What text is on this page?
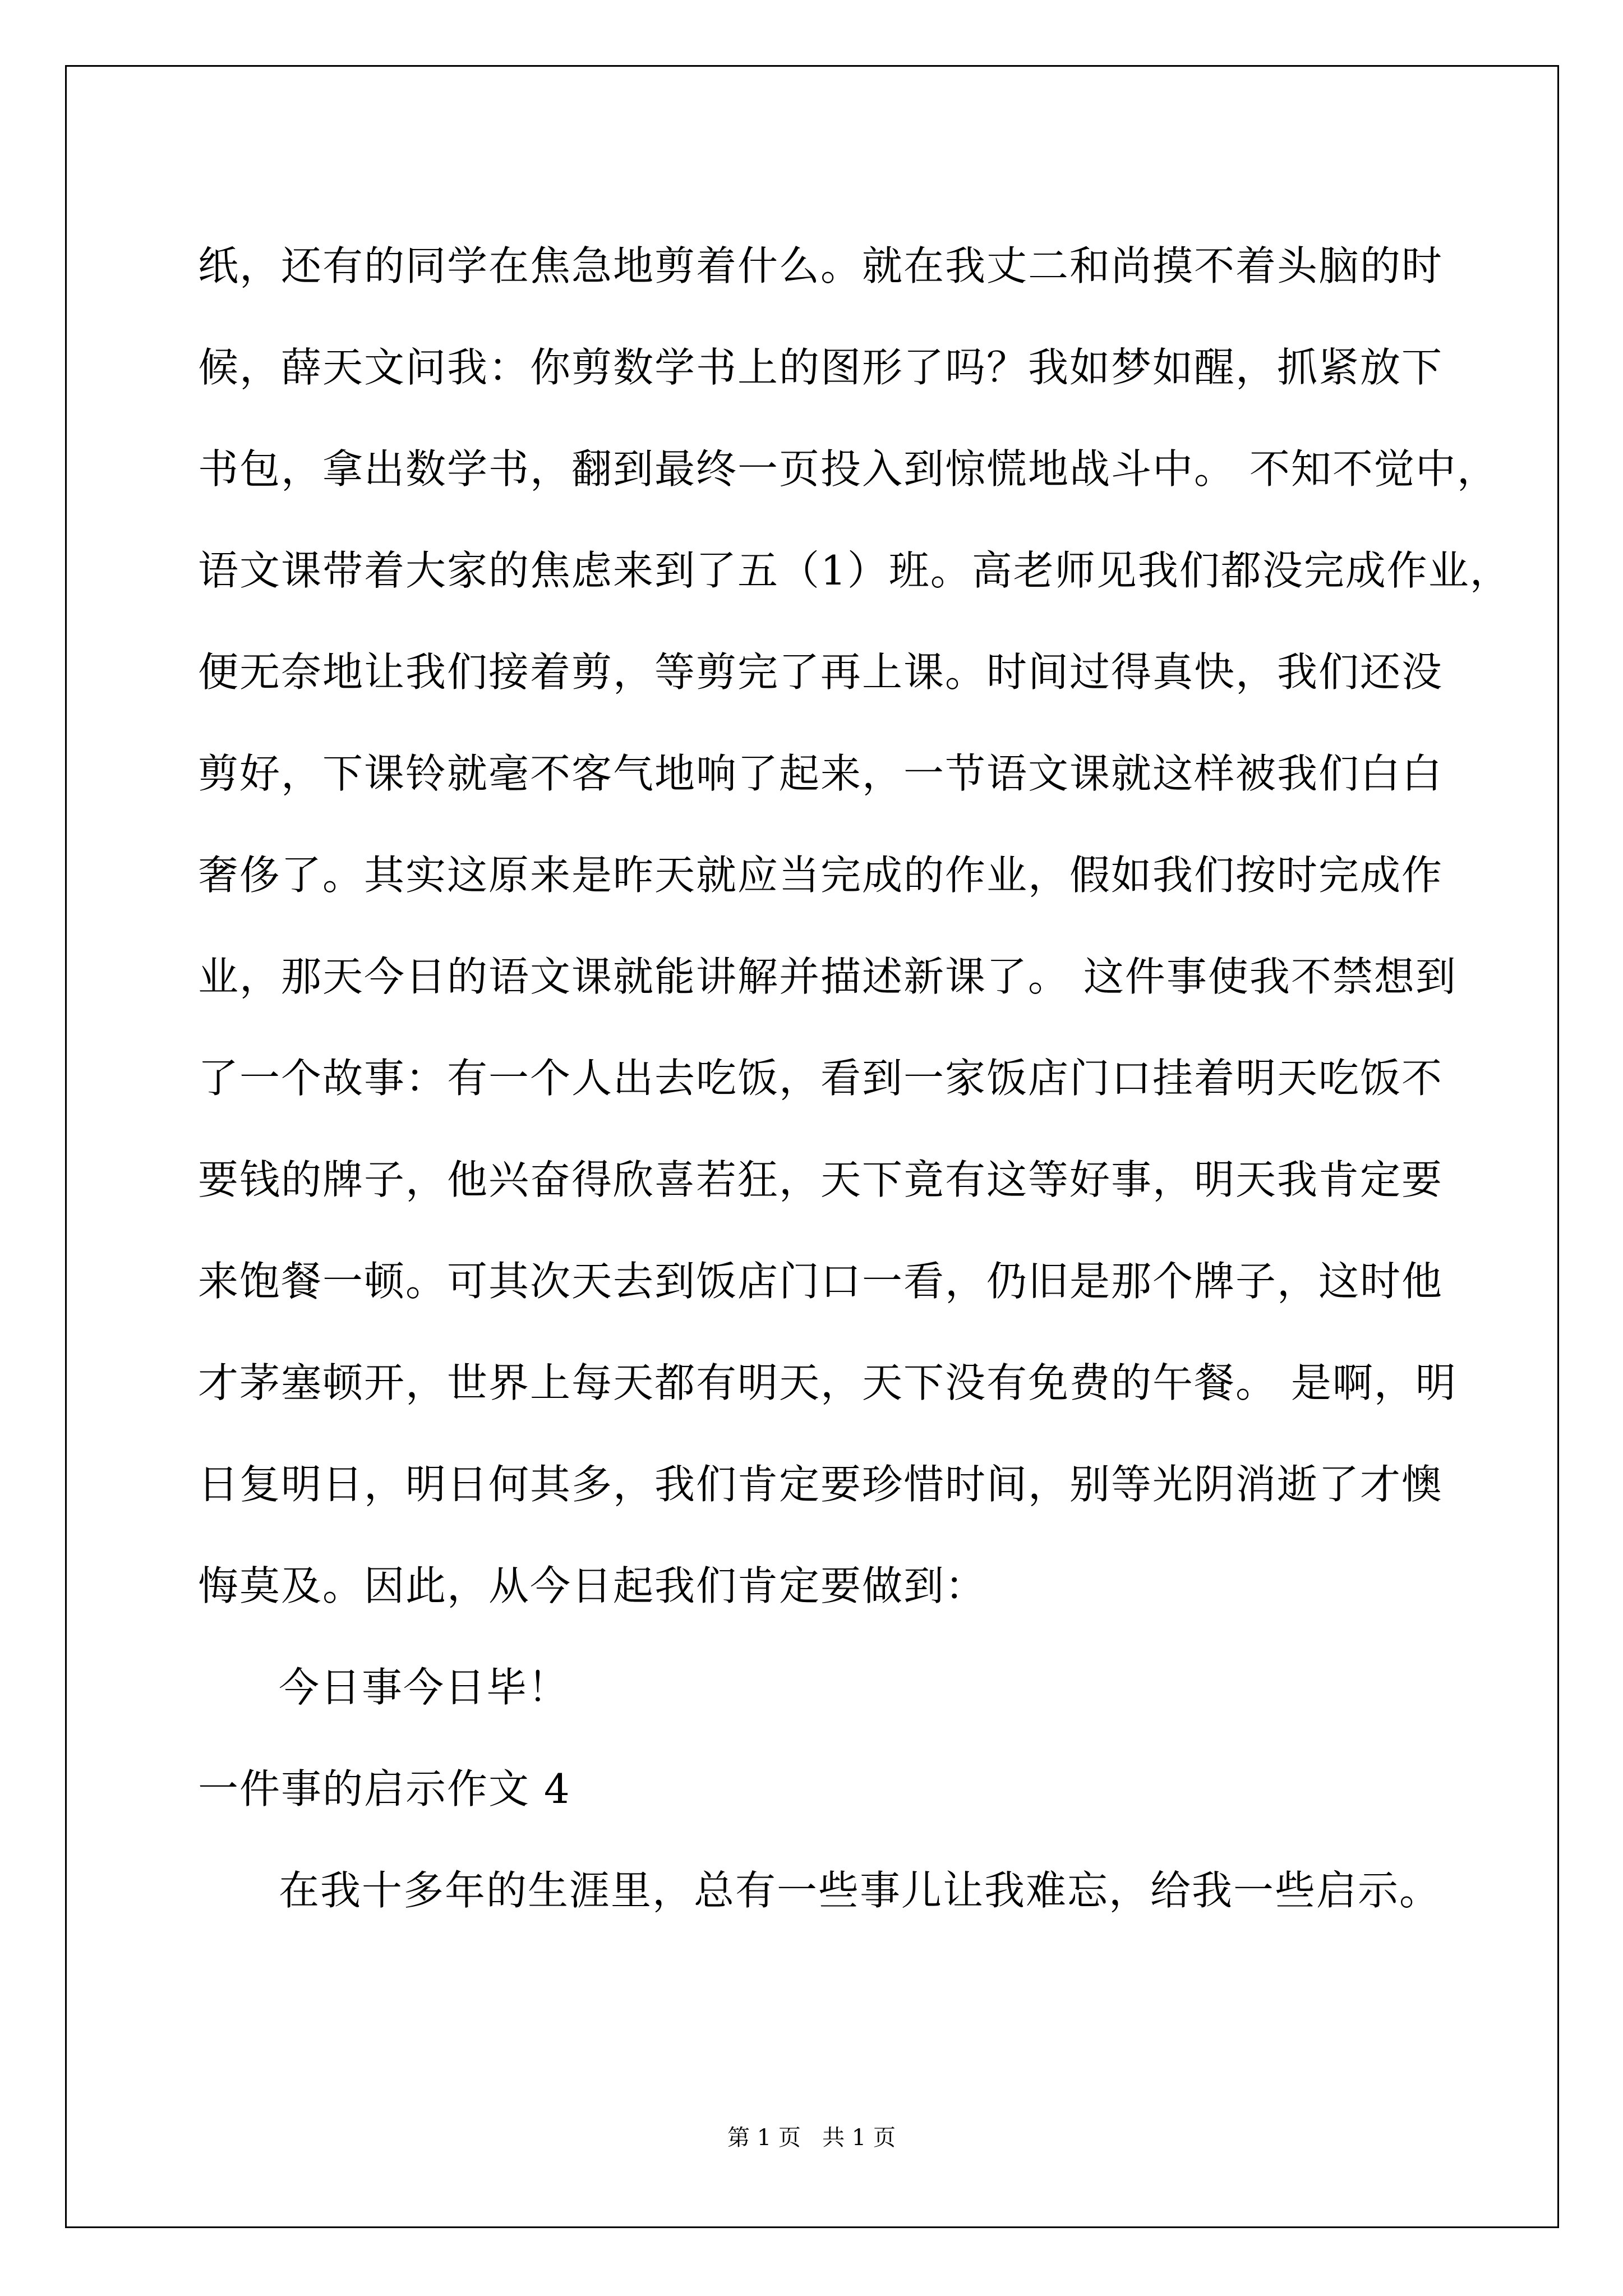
纸，还有的同学在焦急地剪着什么。就在我丈二和尚摸不着头脑的时
候，薛天文问我：你剪数学书上的图形了吗？我如梦如醒，抓紧放下
书包，拿出数学书，翻到最终一页投入到惊慌地战斗中。 不知不觉中，
语文课带着大家的焦虑来到了五（1）班。高老师见我们都没完成作业，
便无奈地让我们接着剪，等剪完了再上课。时间过得真快，我们还没
剪好，下课铃就毫不客气地响了起来，一节语文课就这样被我们白白
奢侈了。其实这原来是昨天就应当完成的作业，假如我们按时完成作
业，那天今日的语文课就能讲解并描述新课了。 这件事使我不禁想到
了一个故事：有一个人出去吃饭，看到一家饭店门口挂着明天吃饭不
要钱的牌子，他兴奋得欣喜若狂，天下竟有这等好事，明天我肯定要
来饱餐一顿。可其次天去到饭店门口一看，仍旧是那个牌子，这时他
才茅塞顿开，世界上每天都有明天，天下没有免费的午餐。 是啊，明
日复明日，明日何其多，我们肯定要珍惜时间，别等光阴消逝了才懊
悔莫及。因此，从今日起我们肯定要做到：
今日事今日毕！
一件事的启示作文 4
在我十多年的生涯里，总有一些事儿让我难忘，给我一些启示。
第 1 页   共 1 页
